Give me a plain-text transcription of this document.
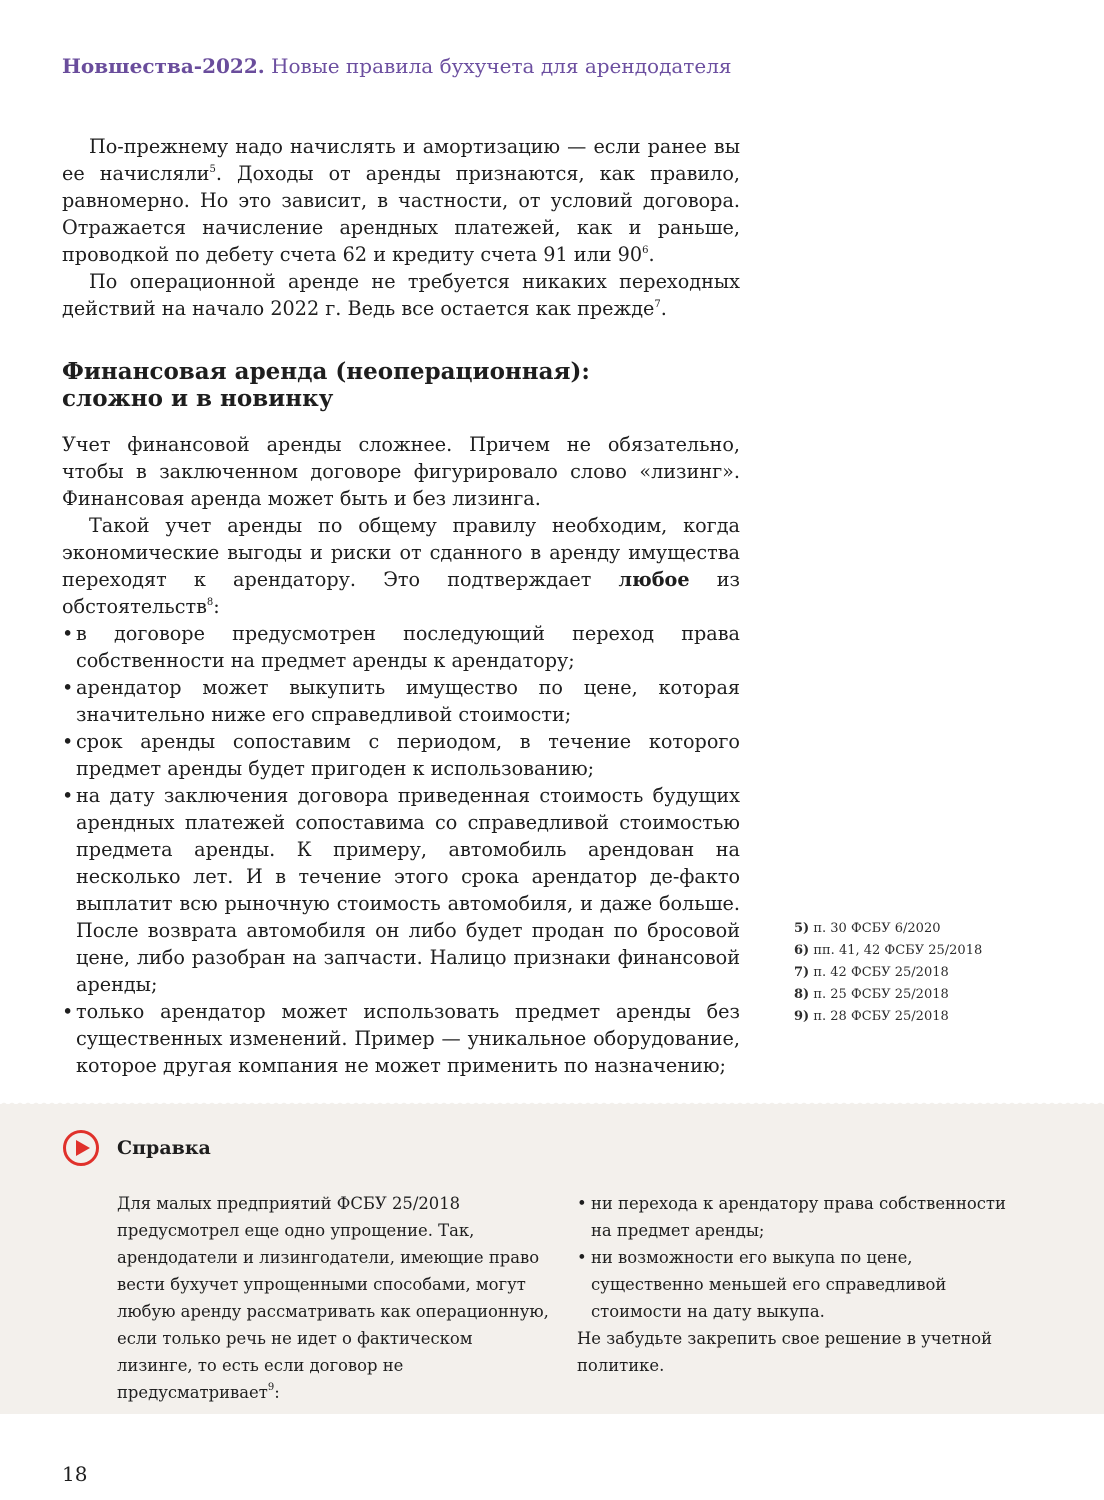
Новшества-2022. Новые правила бухучета для арендодателя

По-прежнему надо начислять и амортизацию — если ранее вы ее начисляли$^5$. Доходы от аренды признаются, как правило, равномерно. Но это зависит, в частности, от условий договора. Отражается начисление арендных платежей, как и раньше, проводкой по дебету счета 62 и кредиту счета 91 или $90^6$.

По операционной аренде не требуется никаких переходных действий на начало 2022 г. Ведь все остается как прежде$^7$.

Финансовая аренда (неоперационная):
сложно и в новинку

Учет финансовой аренды сложнее. Причем не обязательно, чтобы в заключенном договоре фигурировало слово «лизинг». Финансовая аренда может быть и без лизинга.

Такой учет аренды по общему правилу необходим, когда экономические выгоды и риски от сданного в аренду имущества переходят к арендатору. Это подтверждает любое из обстоятельств$^8$:

• в договоре предусмотрен последующий переход права собственности на предмет аренды к арендатору;
• арендатор может выкупить имущество по цене, которая значительно ниже его справедливой стоимости;
• срок аренды сопоставим с периодом, в течение которого предмет аренды будет пригоден к использованию;
• на дату заключения договора приведенная стоимость будущих арендных платежей сопоставима со справедливой стоимостью предмета аренды. К примеру, автомобиль арендован на несколько лет. И в течение этого срока арендатор де-факто выплатит всю рыночную стоимость автомобиля, и даже больше. После возврата автомобиля он либо будет продан по бросовой цене, либо разобран на запчасти. Налицо признаки финансовой аренды;
• только арендатор может использовать предмет аренды без существенных изменений. Пример — уникальное оборудование, которое другая компания не может применить по назначению;
5) п. 30 ФСБУ 6/2020
6) пп. 41, 42 ФСБУ 25/2018
7) п. 42 ФСБУ 25/2018
8) п. 25 ФСБУ 25/2018
9) п. 28 ФСБУ 25/2018
Справка
Для малых предприятий ФСБУ 25/2018 предусмотрел еще одно упрощение. Так, арендодатели и лизингодатели, имеющие право вести бухучет упрощенными способами, могут любую аренду рассматривать как операционную, если только речь не идет о фактическом лизинге, то есть если договор не предусматривает$^9$:
• ни перехода к арендатору права собственности на предмет аренды;
• ни возможности его выкупа по цене, существенно меньшей его справедливой стоимости на дату выкупа.
Не забудьте закрепить свое решение в учетной политике.
18
